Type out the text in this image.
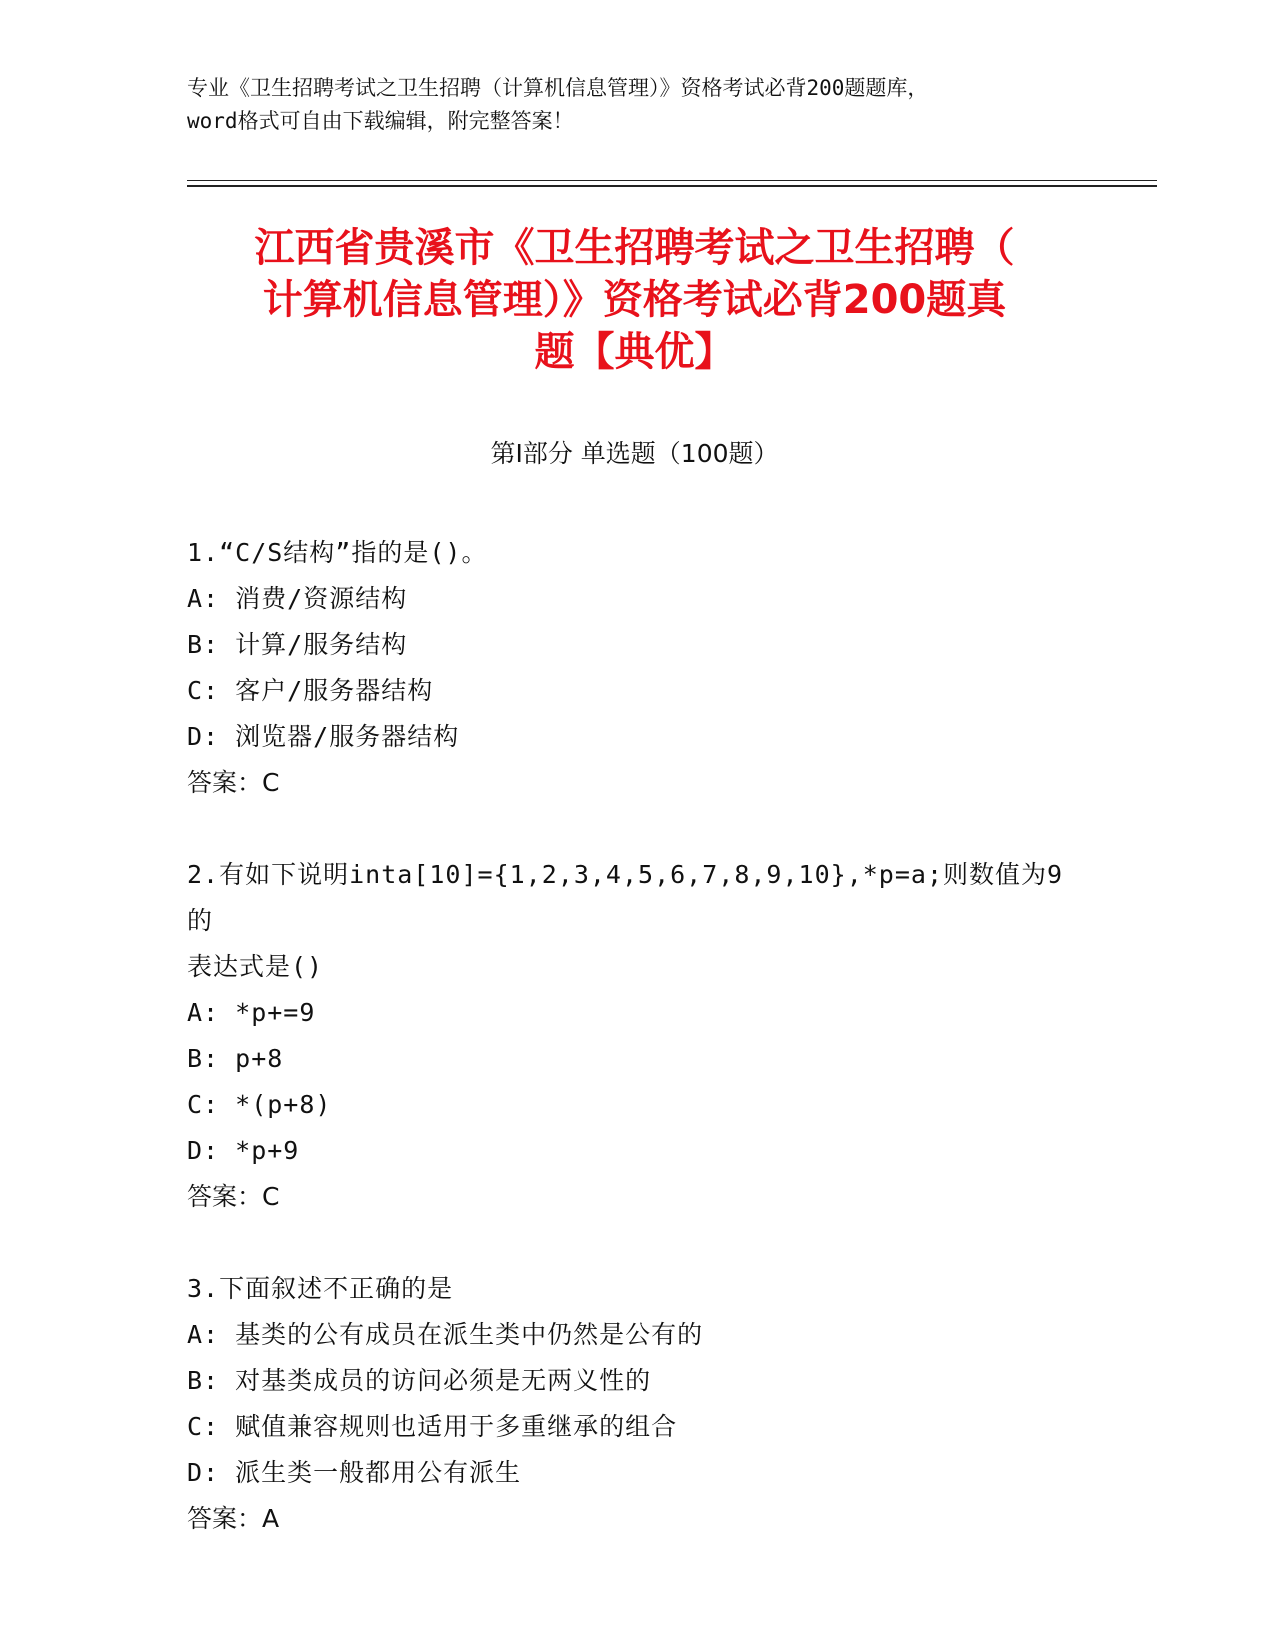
专业《卫生招聘考试之卫生招聘（计算机信息管理）》资格考试必背200题题库，
word格式可自由下载编辑，附完整答案！
江西省贵溪市《卫生招聘考试之卫生招聘（
计算机信息管理）》资格考试必背200题真
题【典优】
第Ⅰ部分 单选题（100题）
1.“C/S结构”指的是()。
A: 消费/资源结构
B: 计算/服务结构
C: 客户/服务器结构
D: 浏览器/服务器结构
答案：C
2.有如下说明inta[10]={1,2,3,4,5,6,7,8,9,10},*p=a;则数值为9的
表达式是()
A: *p+=9
B: p+8
C: *(p+8)
D: *p+9
答案：C
3.下面叙述不正确的是
A: 基类的公有成员在派生类中仍然是公有的
B: 对基类成员的访问必须是无两义性的
C: 赋值兼容规则也适用于多重继承的组合
D: 派生类一般都用公有派生
答案：A
